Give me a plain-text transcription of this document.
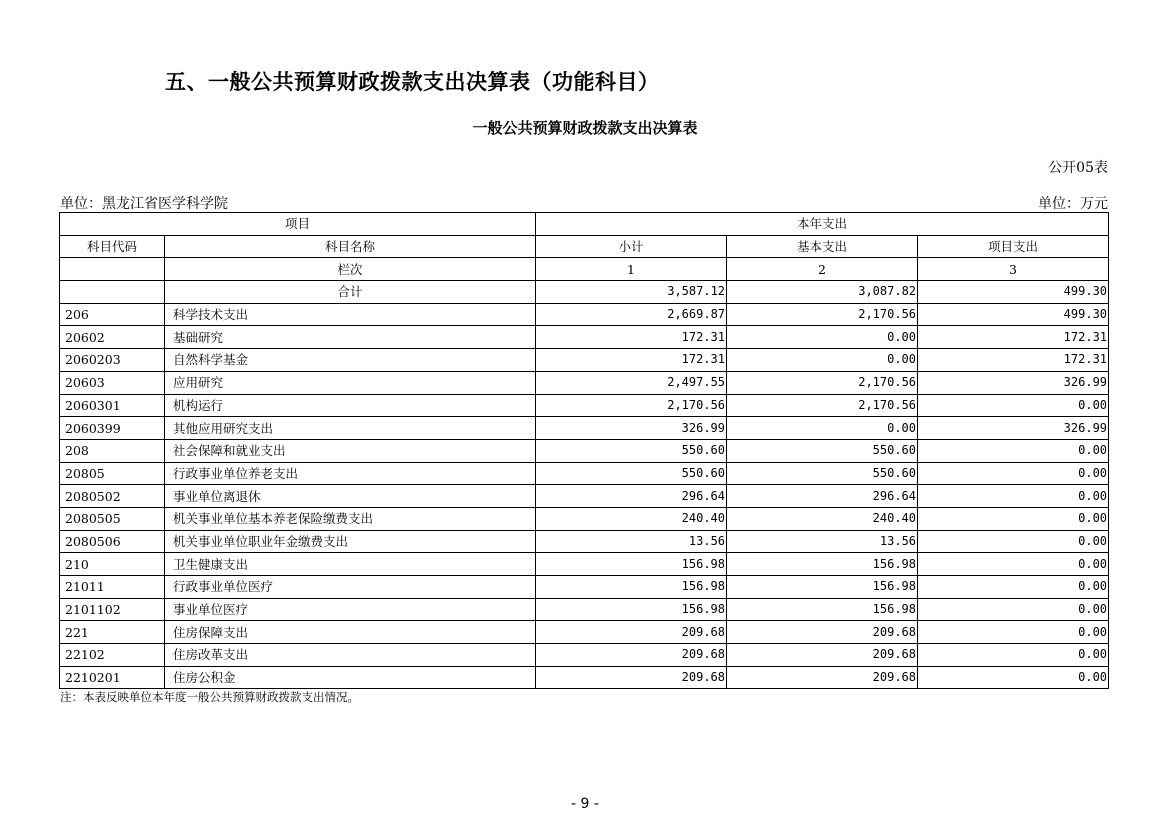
五、一般公共预算财政拨款支出决算表（功能科目）
一般公共预算财政拨款支出决算表
公开05表
单位：黑龙江省医学科学院	单位：万元
项目		本年支出		
科目代码	科目名称	小计	基本支出	项目支出
	栏次	1	2	3
	合计	3,587.12	3,087.82	499.30
206	科学技术支出	2,669.87	2,170.56	499.30
20602	基础研究	172.31	0.00	172.31
2060203	自然科学基金	172.31	0.00	172.31
20603	应用研究	2,497.55	2,170.56	326.99
2060301	机构运行	2,170.56	2,170.56	0.00
2060399	其他应用研究支出	326.99	0.00	326.99
208	社会保障和就业支出	550.60	550.60	0.00
20805	行政事业单位养老支出	550.60	550.60	0.00
2080502	事业单位离退休	296.64	296.64	0.00
2080505	机关事业单位基本养老保险缴费支出	240.40	240.40	0.00
2080506	机关事业单位职业年金缴费支出	13.56	13.56	0.00
210	卫生健康支出	156.98	156.98	0.00
21011	行政事业单位医疗	156.98	156.98	0.00
2101102	事业单位医疗	156.98	156.98	0.00
221	住房保障支出	209.68	209.68	0.00
22102	住房改革支出	209.68	209.68	0.00
2210201	住房公积金	209.68	209.68	0.00
注：本表反映单位本年度一般公共预算财政拨款支出情况。
- 9 -
